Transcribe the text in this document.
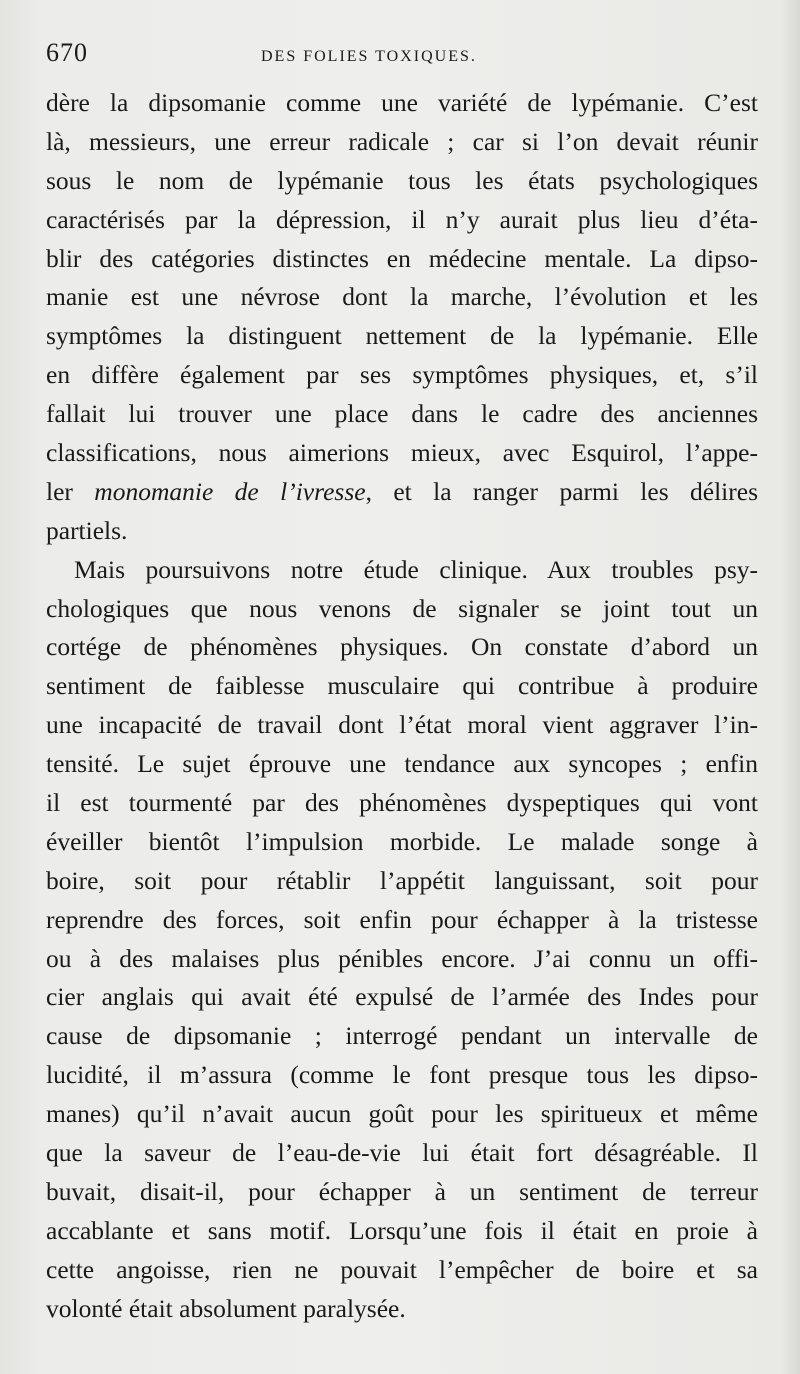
670	DES FOLIES TOXIQUES.
dère la dipsomanie comme une variété de lypémanie. C’est
là, messieurs, une erreur radicale ; car si l’on devait réunir
sous le nom de lypémanie tous les états psychologiques
caractérisés par la dépression, il n’y aurait plus lieu d’éta-
blir des catégories distinctes en médecine mentale. La dipso-
manie est une névrose dont la marche, l’évolution et les
symptômes la distinguent nettement de la lypémanie. Elle
en diffère également par ses symptômes physiques, et, s’il
fallait lui trouver une place dans le cadre des anciennes
classifications, nous aimerions mieux, avec Esquirol, l’appe-
ler monomanie de l’ivresse, et la ranger parmi les délires
partiels.
Mais poursuivons notre étude clinique. Aux troubles psy-
chologiques que nous venons de signaler se joint tout un
cortége de phénomènes physiques. On constate d’abord un
sentiment de faiblesse musculaire qui contribue à produire
une incapacité de travail dont l’état moral vient aggraver l’in-
tensité. Le sujet éprouve une tendance aux syncopes ; enfin
il est tourmenté par des phénomènes dyspeptiques qui vont
éveiller bientôt l’impulsion morbide. Le malade songe à
boire, soit pour rétablir l’appétit languissant, soit pour
reprendre des forces, soit enfin pour échapper à la tristesse
ou à des malaises plus pénibles encore. J’ai connu un offi-
cier anglais qui avait été expulsé de l’armée des Indes pour
cause de dipsomanie ; interrogé pendant un intervalle de
lucidité, il m’assura (comme le font presque tous les dipso-
manes) qu’il n’avait aucun goût pour les spiritueux et même
que la saveur de l’eau-de-vie lui était fort désagréable. Il
buvait, disait-il, pour échapper à un sentiment de terreur
accablante et sans motif. Lorsqu’une fois il était en proie à
cette angoisse, rien ne pouvait l’empêcher de boire et sa
volonté était absolument paralysée.
